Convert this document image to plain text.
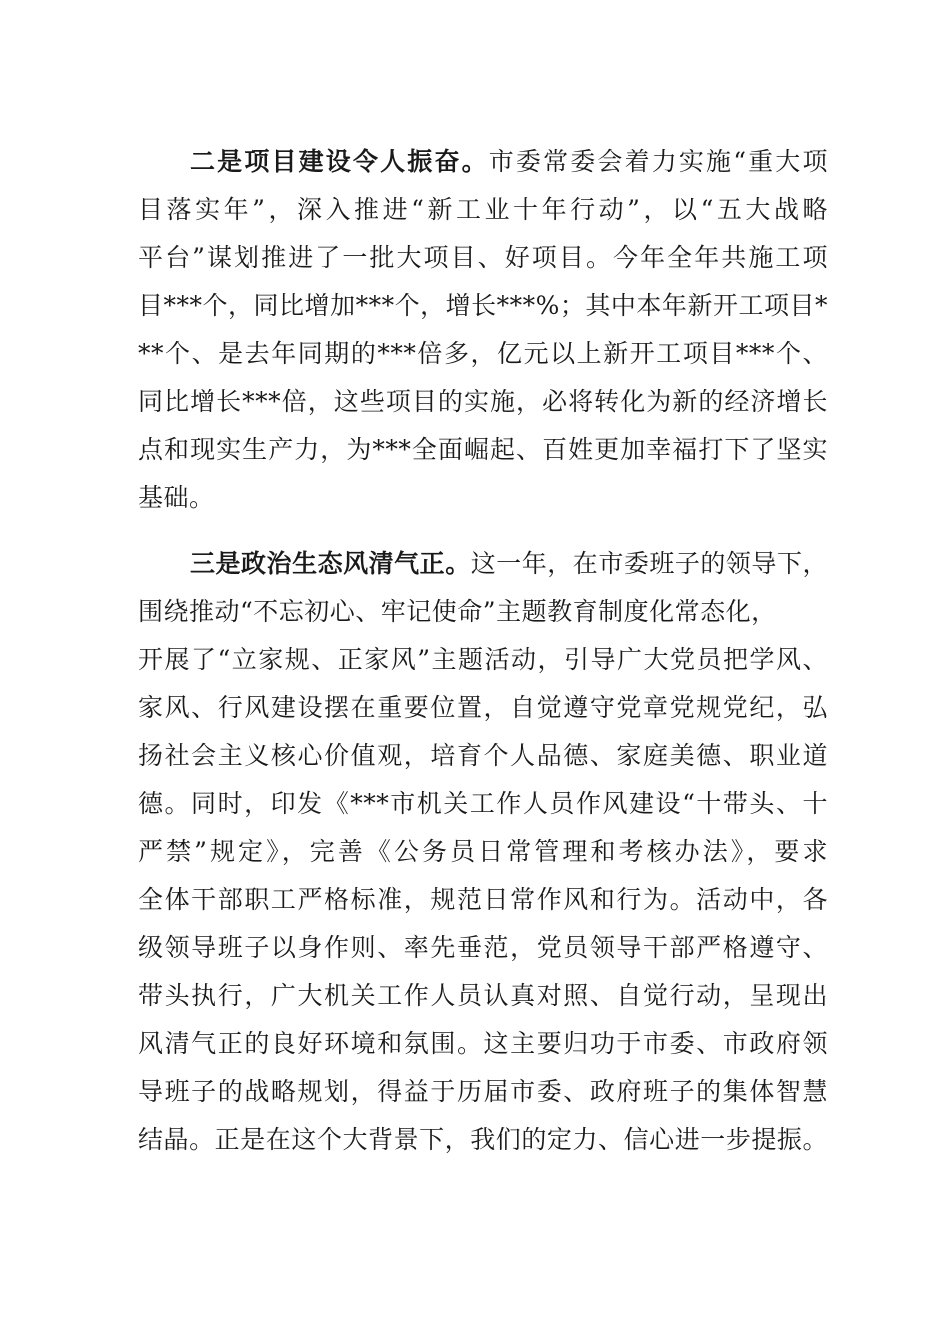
二是项目建设令人振奋。市委常委会着力实施“重大项
目落实年”，深入推进“新工业十年行动”，以“五大战略
平台”谋划推进了一批大项目、好项目。今年全年共施工项
目***个，同比增加***个，增长***%；其中本年新开工项目*
**个、是去年同期的***倍多，亿元以上新开工项目***个、
同比增长***倍，这些项目的实施，必将转化为新的经济增长
点和现实生产力，为***全面崛起、百姓更加幸福打下了坚实
基础。
三是政治生态风清气正。这一年，在市委班子的领导下，
围绕推动“不忘初心、牢记使命”主题教育制度化常态化，
开展了“立家规、正家风”主题活动，引导广大党员把学风、
家风、行风建设摆在重要位置，自觉遵守党章党规党纪，弘
扬社会主义核心价值观，培育个人品德、家庭美德、职业道
德。同时，印发《***市机关工作人员作风建设“十带头、十
严禁”规定》，完善《公务员日常管理和考核办法》，要求
全体干部职工严格标准，规范日常作风和行为。活动中，各
级领导班子以身作则、率先垂范，党员领导干部严格遵守、
带头执行，广大机关工作人员认真对照、自觉行动，呈现出
风清气正的良好环境和氛围。这主要归功于市委、市政府领
导班子的战略规划，得益于历届市委、政府班子的集体智慧
结晶。正是在这个大背景下，我们的定力、信心进一步提振。
